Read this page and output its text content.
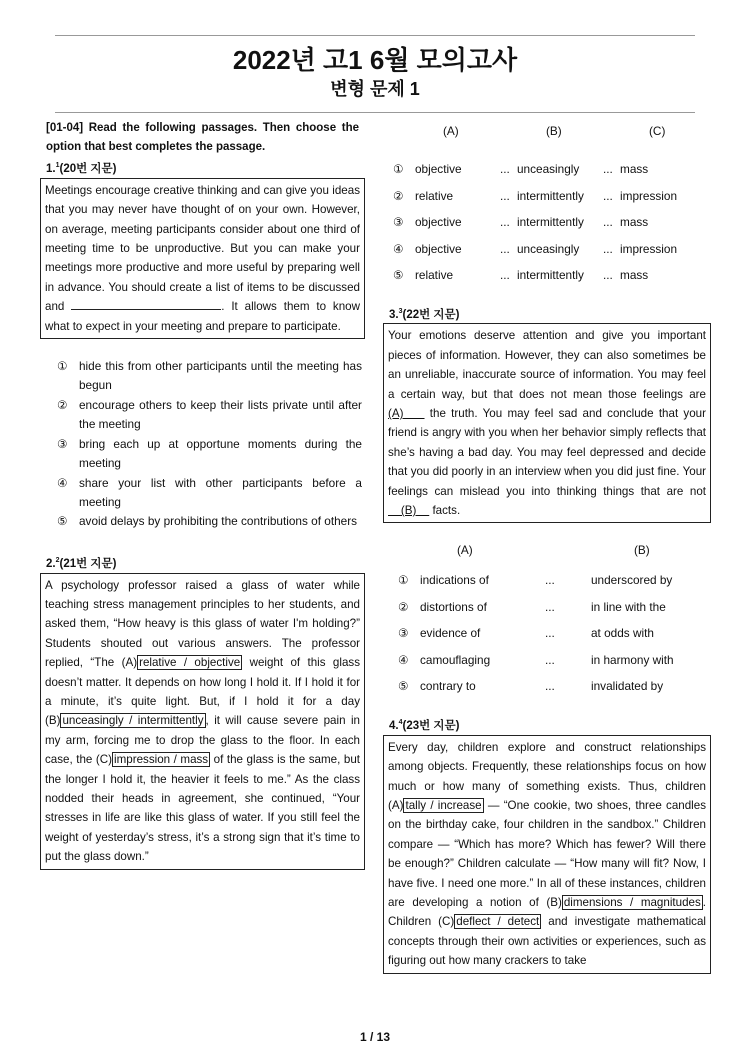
2022년 고1 6월 모의고사
변형 문제 1
[01-04] Read the following passages. Then choose the option that best completes the passage.
1.$^1$(20번 지문)
Meetings encourage creative thinking and can give you ideas that you may never have thought of on your own. However, on average, meeting participants consider about one third of meeting time to be unproductive. But you can make your meetings more productive and more useful by preparing well in advance. You should create a list of items to be discussed and	. It allows them to know what to expect in your meeting and prepare to participate.
① hide this from other participants until the meeting has begun
② encourage others to keep their lists private until after the meeting
③ bring each up at opportune moments during the meeting
④ share your list with other participants before a meeting
⑤ avoid delays by prohibiting the contributions of others
2.$^2$(21번 지문)
A psychology professor raised a glass of water while teaching stress management principles to her students, and asked them, “How heavy is this glass of water I'm holding?” Students shouted out various answers. The professor replied, “The (A) relative / objective weight of this glass doesn’t matter. It depends on how long I hold it. If I hold it for a minute, it’s quite light. But, if I hold it for a day (B) unceasingly / intermittently , it will cause severe pain in my arm, forcing me to drop the glass to the floor. In each case, the (C) impression / mass of the glass is the same, but the longer I hold it, the heavier it feels to me.” As the class nodded their heads in agreement, she continued, “Your stresses in life are like this glass of water. If you still feel the weight of yesterday’s stress, it’s a strong sign that it’s time to put the glass down.”
(A)	(B)	(C)
① objective	... unceasingly ... mass
② relative	... intermittently ... impression
③ objective	... intermittently ... mass
④ objective	... unceasingly ... impression
⑤ relative	... intermittently ... mass
3.$^3$(22번 지문)
Your emotions deserve attention and give you important pieces of information. However, they can also sometimes be an unreliable, inaccurate source of information. You may feel a certain way, but that does not mean those feelings are (A)     the truth. You may feel sad and conclude that your friend is angry with you when her behavior simply reflects that she’s having a bad day. You may feel depressed and decide that you did poorly in an interview when you did just fine. Your feelings can mislead you into thinking things that are not     (B)     facts.
(A)	(B)
① indications of	...	underscored by
② distortions of	...	in line with the
③ evidence of	...	at odds with
④ camouflaging	...	in harmony with
⑤ contrary to	...	invalidated by
4.$^4$(23번 지문)
Every day, children explore and construct relationships among objects. Frequently, these relationships focus on how much or how many of something exists. Thus, children (A) tally / increase — “One cookie, two shoes, three candles on the birthday cake, four children in the sandbox.” Children compare — “Which has more? Which has fewer? Will there be enough?” Children calculate — “How many will fit? Now, I have five. I need one more.” In all of these instances, children are developing a notion of (B) dimensions / magnitudes . Children (C) deflect / detect and investigate mathematical concepts through their own activities or experiences, such as figuring out how many crackers to take
1 / 13
